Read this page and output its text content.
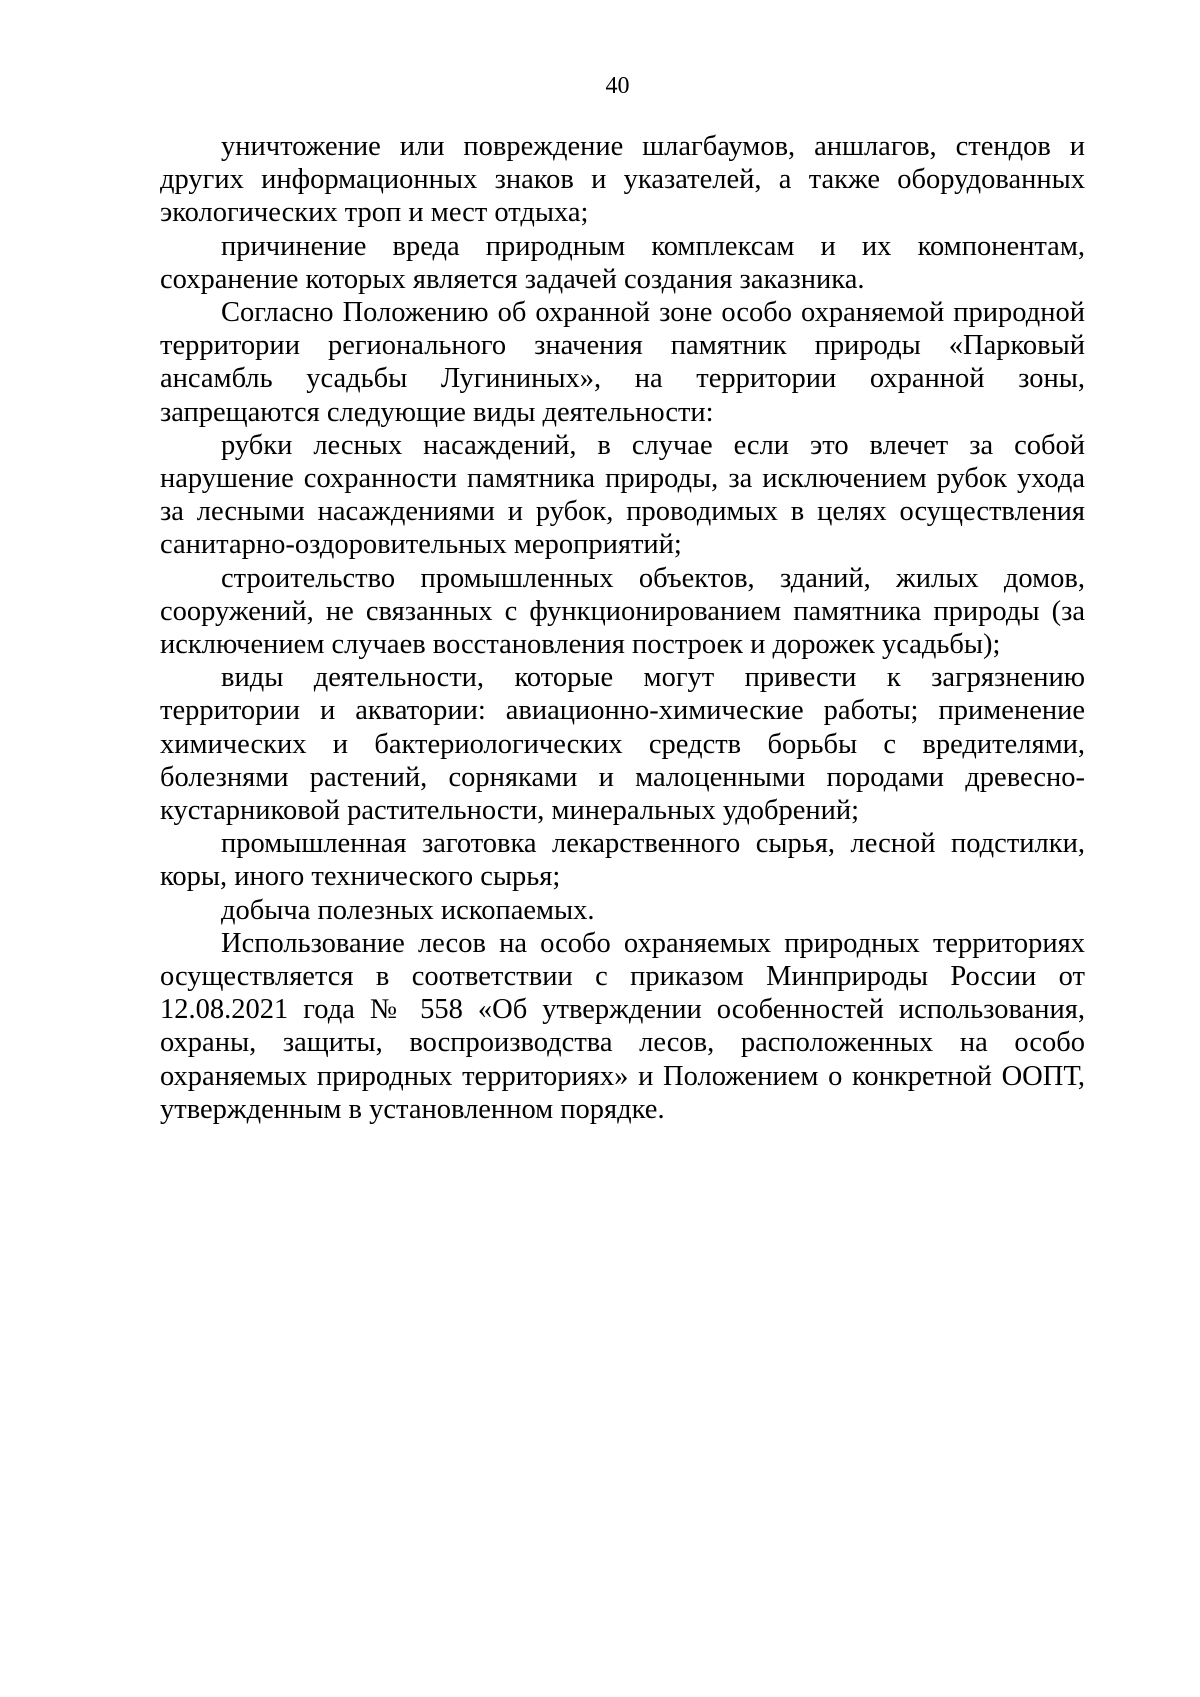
40

уничтожение или повреждение шлагбаумов, аншлагов, стендов и других информационных знаков и указателей, а также оборудованных экологических троп и мест отдыха;

причинение вреда природным комплексам и их компонентам, сохранение которых является задачей создания заказника.

Согласно Положению об охранной зоне особо охраняемой природной территории регионального значения памятник природы «Парковый ансамбль усадьбы Лугининых», на территории охранной зоны, запрещаются следующие виды деятельности:

рубки лесных насаждений, в случае если это влечет за собой нарушение сохранности памятника природы, за исключением рубок ухода за лесными насаждениями и рубок, проводимых в целях осуществления санитарно-оздоровительных мероприятий;

строительство промышленных объектов, зданий, жилых домов, сооружений, не связанных с функционированием памятника природы (за исключением случаев восстановления построек и дорожек усадьбы);

виды деятельности, которые могут привести к загрязнению территории и акватории: авиационно-химические работы; применение химических и бактериологических средств борьбы с вредителями, болезнями растений, сорняками и малоценными породами древесно-кустарниковой растительности, минеральных удобрений;

промышленная заготовка лекарственного сырья, лесной подстилки, коры, иного технического сырья;

добыча полезных ископаемых.

Использование лесов на особо охраняемых природных территориях осуществляется в соответствии с приказом Минприроды России от 12.08.2021 года № 558 «Об утверждении особенностей использования, охраны, защиты, воспроизводства лесов, расположенных на особо охраняемых природных территориях» и Положением о конкретной ООПТ, утвержденным в установленном порядке.
